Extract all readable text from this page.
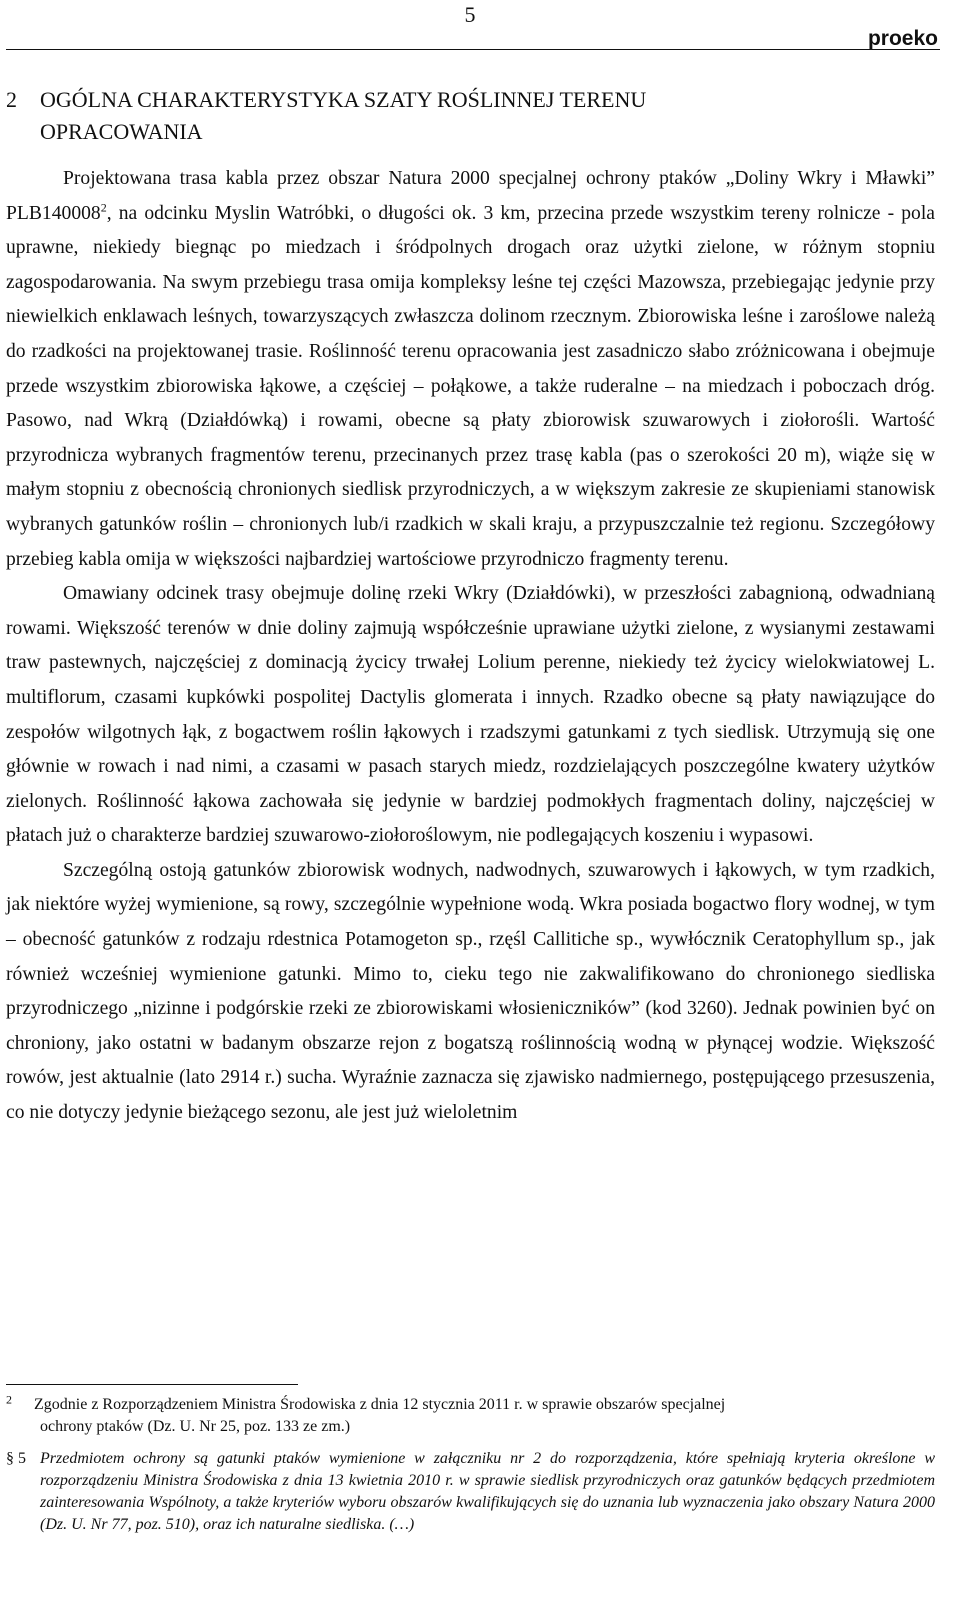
5
proeko
2 OGÓLNA CHARAKTERYSTYKA SZATY ROŚLINNEJ TERENU
OPRACOWANIA

Projektowana trasa kabla przez obszar Natura 2000 specjalnej ochrony ptaków „Doliny Wkry i Mławki” PLB140008$^2$, na odcinku Myslin Watróbki, o długości ok. 3 km, przecina przede wszystkim tereny rolnicze - pola uprawne, niekiedy biegnąc po miedzach i śródpolnych drogach oraz użytki zielone, w różnym stopniu zagospodarowania. Na swym przebiegu trasa omija kompleksy leśne tej części Mazowsza, przebiegając jedynie przy niewielkich enklawach leśnych, towarzyszących zwłaszcza dolinom rzecznym. Zbiorowiska leśne i zaroślowe należą do rzadkości na projektowanej trasie. Roślinność terenu opracowania jest zasadniczo słabo zróżnicowana i obejmuje przede wszystkim zbiorowiska łąkowe, a częściej – połąkowe, a także ruderalne – na miedzach i poboczach dróg. Pasowo, nad Wkrą (Działdówką) i rowami, obecne są płaty zbiorowisk szuwarowych i ziołorośli. Wartość przyrodnicza wybranych fragmentów terenu, przecinanych przez trasę kabla (pas o szerokości 20 m), wiąże się w małym stopniu z obecnością chronionych siedlisk przyrodniczych, a w większym zakresie ze skupieniami stanowisk wybranych gatunków roślin – chronionych lub/i rzadkich w skali kraju, a przypuszczalnie też regionu. Szczegółowy przebieg kabla omija w większości najbardziej wartościowe przyrodniczo fragmenty terenu.

Omawiany odcinek trasy obejmuje dolinę rzeki Wkry (Działdówki), w przeszłości zabagnioną, odwadnianą rowami. Większość terenów w dnie doliny zajmują współcześnie uprawiane użytki zielone, z wysianymi zestawami traw pastewnych, najczęściej z dominacją życicy trwałej Lolium perenne, niekiedy też życicy wielokwiatowej L. multiflorum, czasami kupkówki pospolitej Dactylis glomerata i innych. Rzadko obecne są płaty nawiązujące do zespołów wilgotnych łąk, z bogactwem roślin łąkowych i rzadszymi gatunkami z tych siedlisk. Utrzymują się one głównie w rowach i nad nimi, a czasami w pasach starych miedz, rozdzielających poszczególne kwatery użytków zielonych. Roślinność łąkowa zachowała się jedynie w bardziej podmokłych fragmentach doliny, najczęściej w płatach już o charakterze bardziej szuwarowo-ziołoroślowym, nie podlegających koszeniu i wypasowi.

Szczególną ostoją gatunków zbiorowisk wodnych, nadwodnych, szuwarowych i łąkowych, w tym rzadkich, jak niektóre wyżej wymienione, są rowy, szczególnie wypełnione wodą. Wkra posiada bogactwo flory wodnej, w tym – obecność gatunków z rodzaju rdestnica Potamogeton sp., rzęśl Callitiche sp., wywłócznik Ceratophyllum sp., jak również wcześniej wymienione gatunki. Mimo to, cieku tego nie zakwalifikowano do chronionego siedliska przyrodniczego „nizinne i podgórskie rzeki ze zbiorowiskami włosieniczników” (kod 3260). Jednak powinien być on chroniony, jako ostatni w badanym obszarze rejon z bogatszą roślinnością wodną w płynącej wodzie. Większość rowów, jest aktualnie (lato 2914 r.) sucha. Wyraźnie zaznacza się zjawisko nadmiernego, postępującego przesuszenia, co nie dotyczy jedynie bieżącego sezonu, ale jest już wieloletnim

$^2$ Zgodnie z Rozporządzeniem Ministra Środowiska z dnia 12 stycznia 2011 r. w sprawie obszarów specjalnej
ochrony ptaków (Dz. U. Nr 25, poz. 133 ze zm.)
§ 5 Przedmiotem ochrony są gatunki ptaków wymienione w załączniku nr 2 do rozporządzenia, które spełniają kryteria określone w rozporządzeniu Ministra Środowiska z dnia 13 kwietnia 2010 r. w sprawie siedlisk przyrodniczych oraz gatunków będących przedmiotem zainteresowania Wspólnoty, a także kryteriów wyboru obszarów kwalifikujących się do uznania lub wyznaczenia jako obszary Natura 2000 (Dz. U. Nr 77, poz. 510), oraz ich naturalne siedliska. (…)
